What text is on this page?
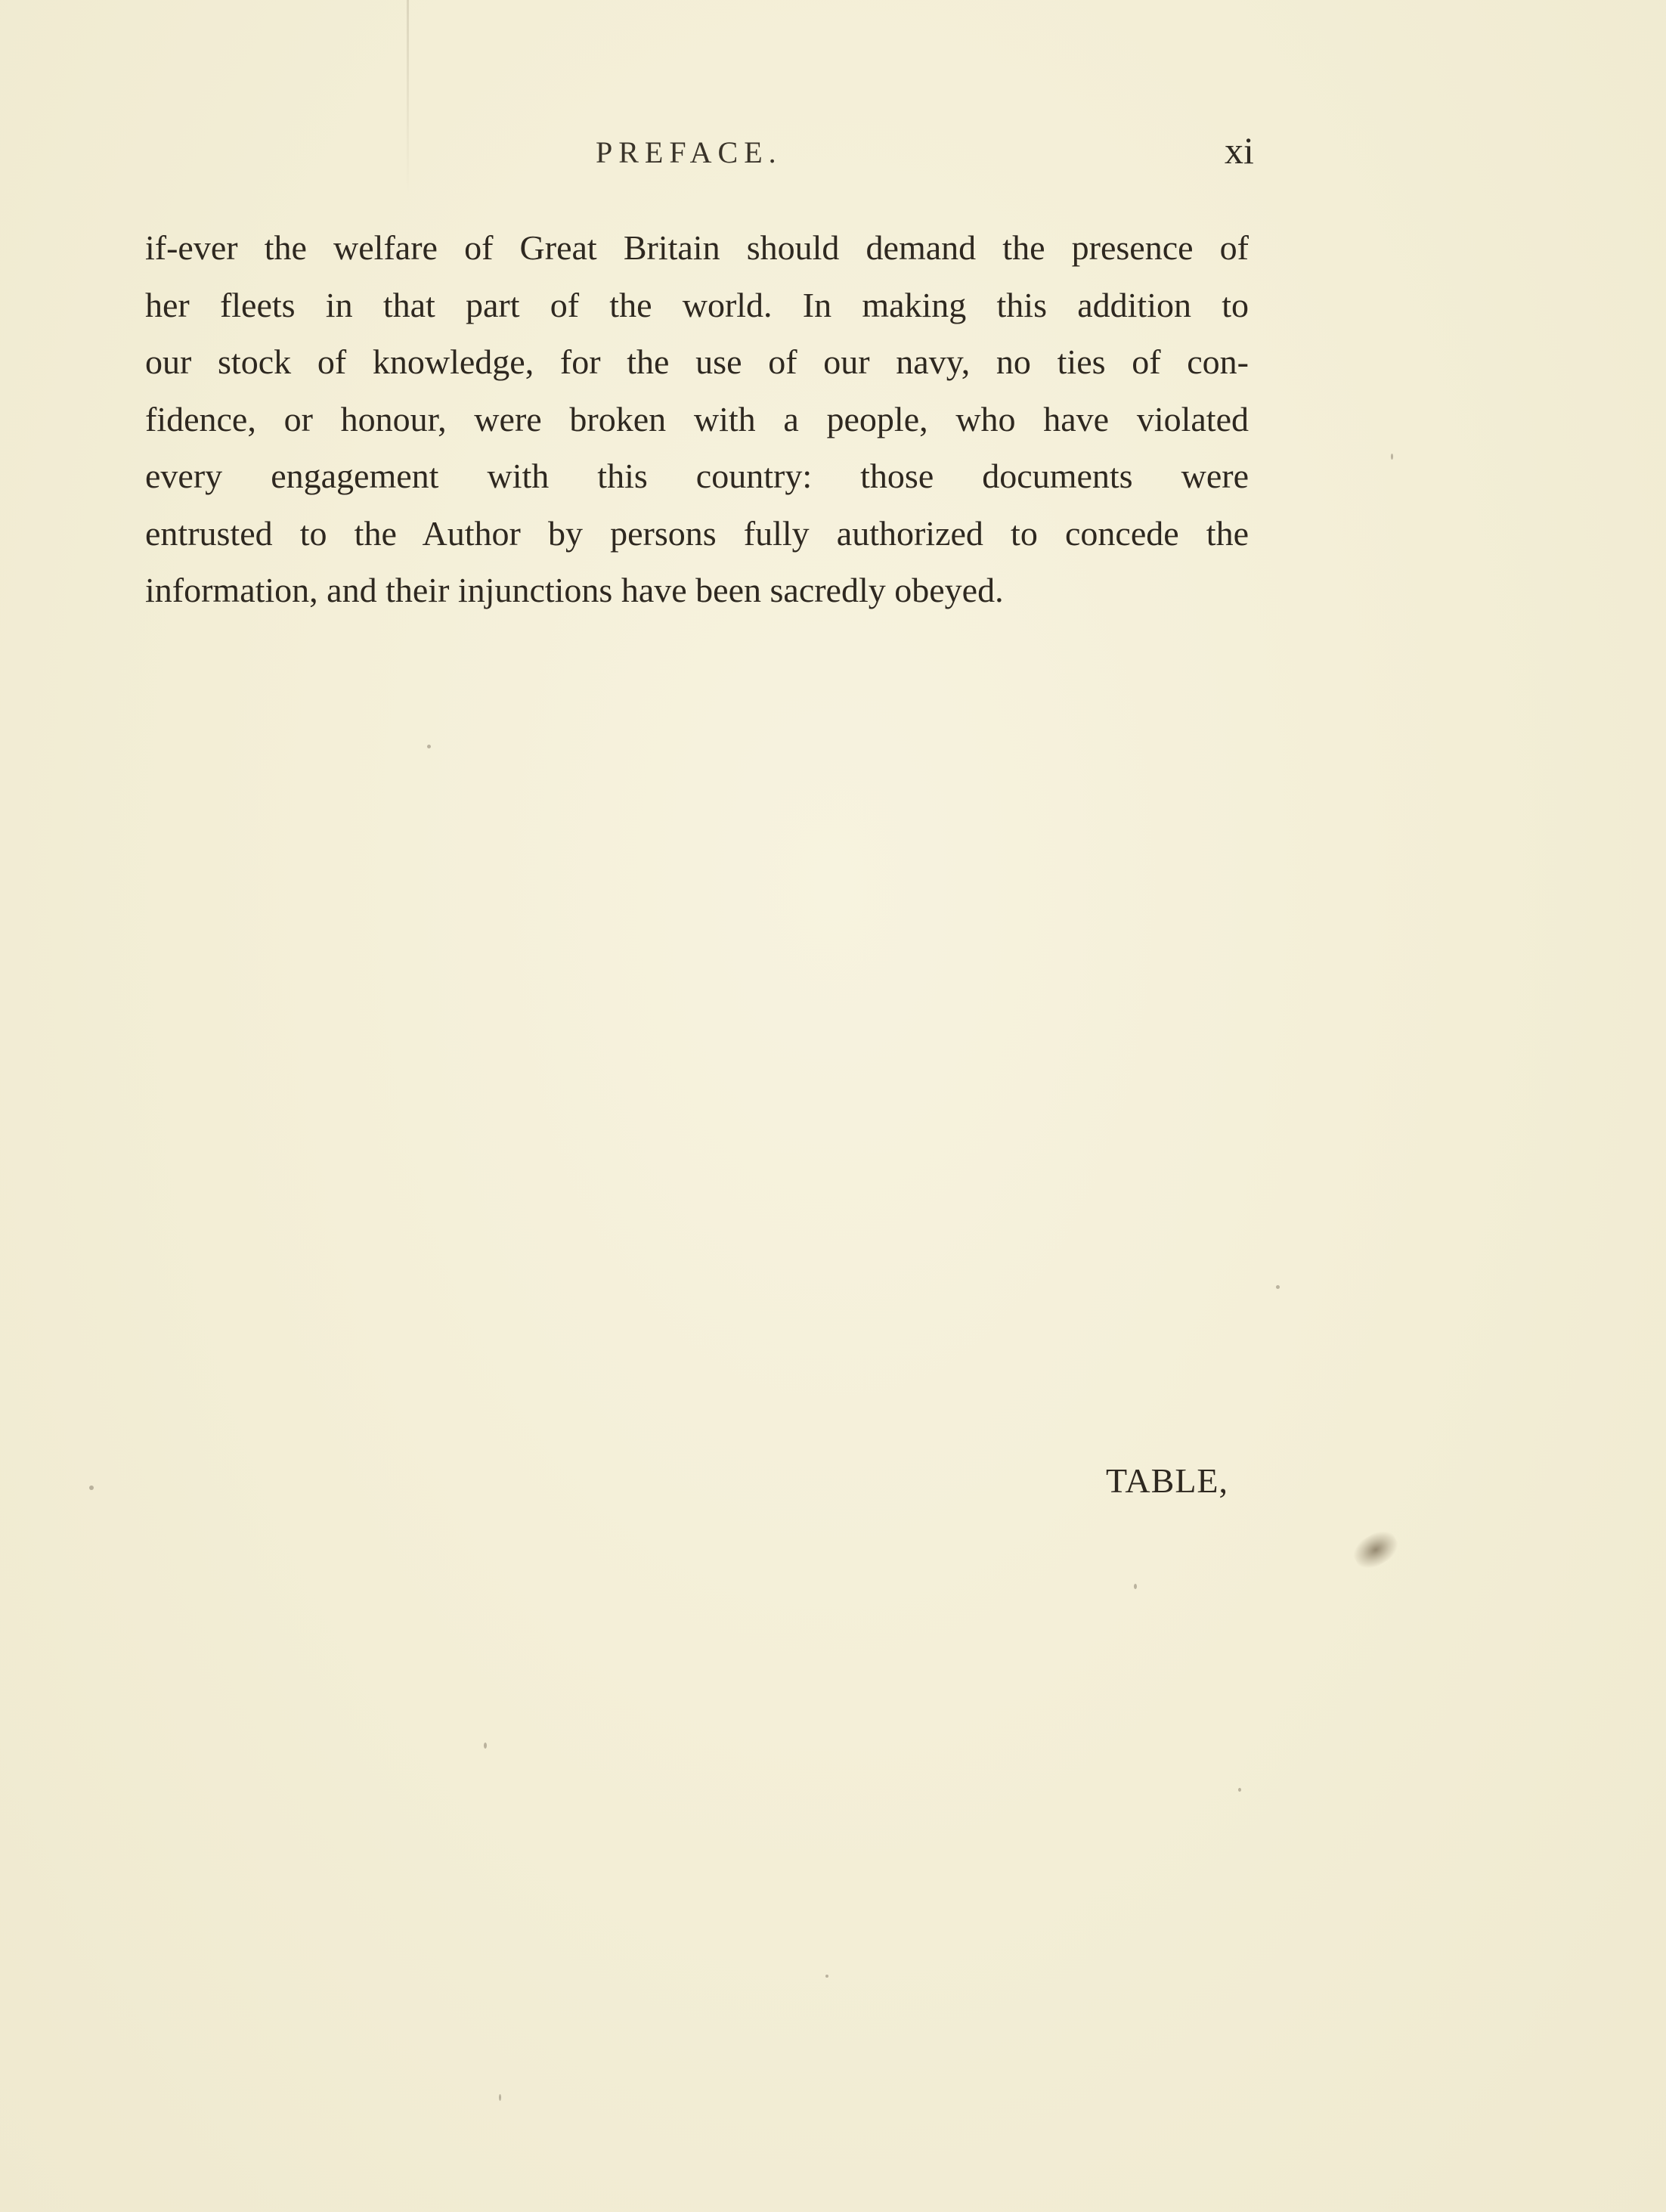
PREFACE.	xi
if-ever the welfare of Great Britain should demand the presence of
her fleets in that part of the world. In making this addition to
our stock of knowledge, for the use of our navy, no ties of con-
fidence, or honour, were broken with a people, who have violated
every engagement with this country: those documents were
entrusted to the Author by persons fully authorized to concede the
information, and their injunctions have been sacredly obeyed.
TABLE,
